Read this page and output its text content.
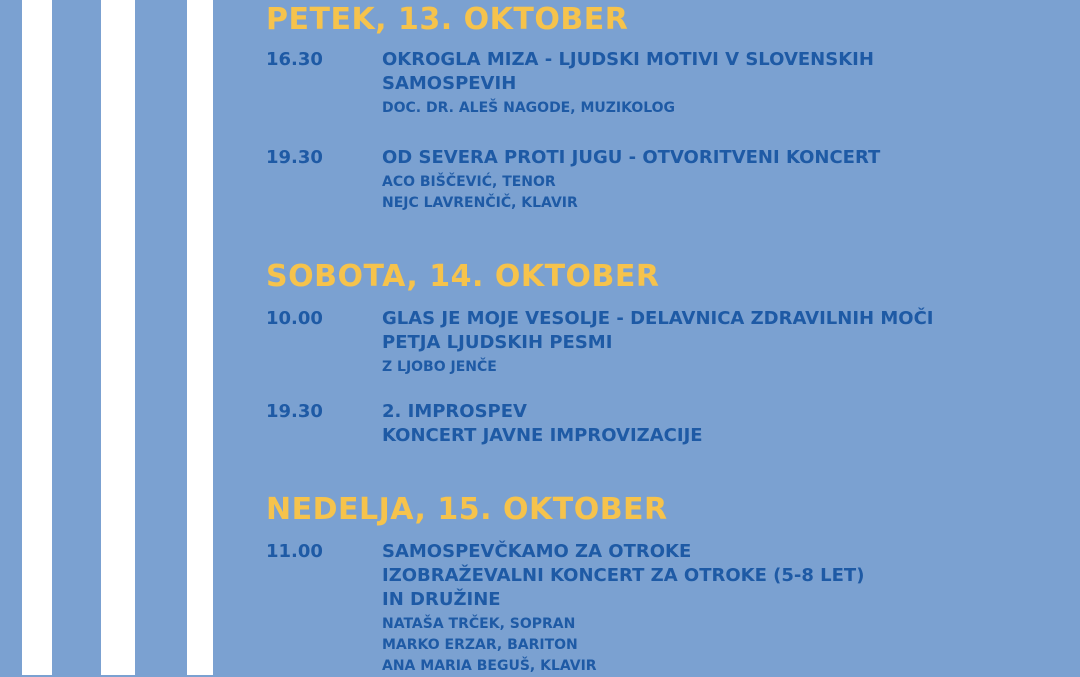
PETEK, 13. OKTOBER
16.30	OKROGLA MIZA - LJUDSKI MOTIVI V SLOVENSKIH
SAMOSPEVIH
DOC. DR. ALEŠ NAGODE, MUZIKOLOG
19.30	OD SEVERA PROTI JUGU - OTVORITVENI KONCERT
ACO BIŠČEVIĆ, TENOR
NEJC LAVRENČIČ, KLAVIR
SOBOTA, 14. OKTOBER
10.00	GLAS JE MOJE VESOLJE - DELAVNICA ZDRAVILNIH MOČI
PETJA LJUDSKIH PESMI
Z LJOBO JENČE
19.30	2. IMPROSPEV
KONCERT JAVNE IMPROVIZACIJE
NEDELJA, 15. OKTOBER
11.00	SAMOSPEVČKAMO ZA OTROKE
IZOBRAŽEVALNI KONCERT ZA OTROKE (5-8 LET)
IN DRUŽINE
NATAŠA TRČEK, SOPRAN
MARKO ERZAR, BARITON
ANA MARIA BEGUŠ, KLAVIR
